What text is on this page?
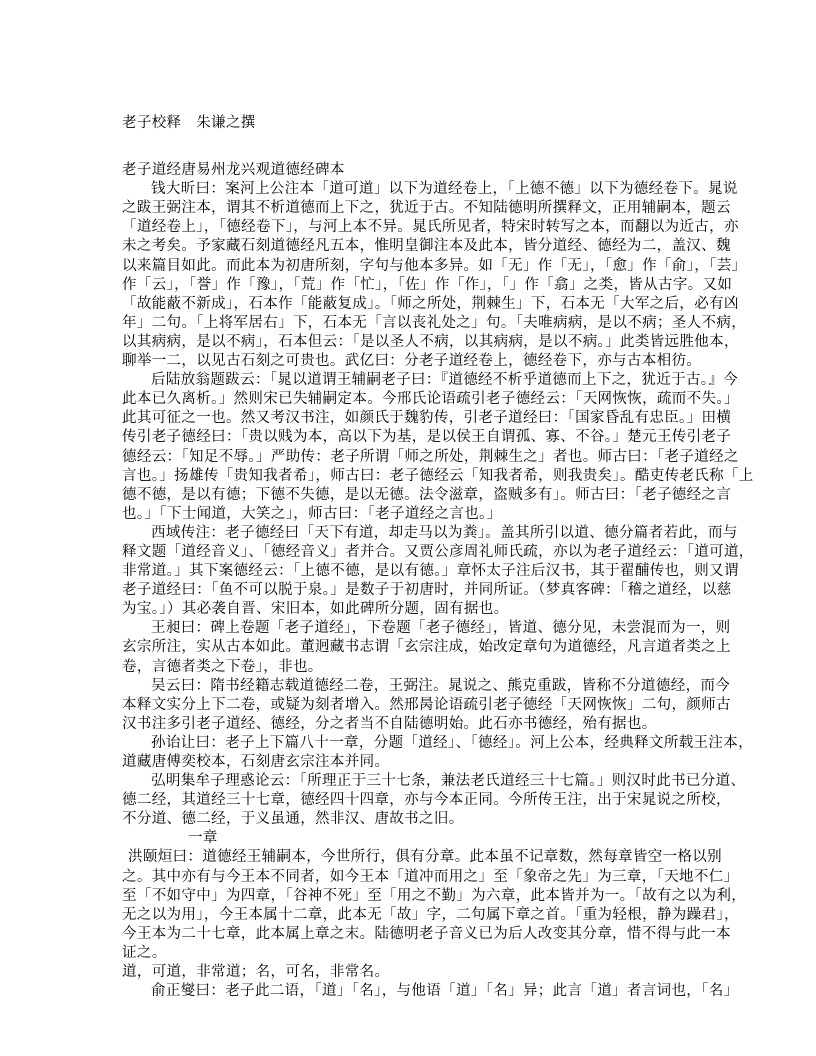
老子校释　朱谦之撰
老子道经唐易州龙兴观道德经碑本
钱大昕曰：案河上公注本「道可道」以下为道经卷上，「上德不德」以下为德经卷下。晁说
之跋王弼注本，谓其不析道德而上下之，犹近于古。不知陆德明所撰释文，正用辅嗣本，题云
「道经卷上」，「德经卷下」，与河上本不异。晁氏所见者，特宋时转写之本，而翻以为近古，亦
未之考矣。予家藏石刻道德经凡五本，惟明皇御注本及此本，皆分道经、德经为二，盖汉、魏
以来篇目如此。而此本为初唐所刻，字句与他本多异。如「无」作「无」，「愈」作「俞」，「芸」
作「云」，「誉」作「豫」，「荒」作「忙」，「佐」作「作」，「」作「翕」之类，皆从古字。又如
「故能蔽不新成」，石本作「能蔽复成」。「师之所处，荆棘生」下，石本无「大军之后，必有凶
年」二句。「上将军居右」下，石本无「言以丧礼处之」句。「夫唯病病，是以不病；圣人不病，
以其病病，是以不病」，石本但云：「是以圣人不病，以其病病，是以不病。」此类皆远胜他本，
聊举一二，以见古石刻之可贵也。武亿曰：分老子道经卷上，德经卷下，亦与古本相彷。
后陆放翁题跋云：「晁以道谓王辅嗣老子曰：『道德经不析乎道德而上下之，犹近于古。』今
此本已久离析。」然则宋已失辅嗣定本。今邢氏论语疏引老子德经云：「天网恢恢，疏而不失。」
此其可征之一也。然又考汉书注，如颜氏于魏豹传，引老子道经曰：「国家昏乱有忠臣。」田横
传引老子德经曰：「贵以贱为本，高以下为基，是以侯王自谓孤、寡、不谷。」楚元王传引老子
德经云：「知足不辱。」严助传：老子所谓「师之所处，荆棘生之」者也。师古曰：「老子道经之
言也。」扬雄传「贵知我者希」，师古曰：老子德经云「知我者希，则我贵矣」。酷吏传老氏称「上
德不德，是以有德；下德不失德，是以无德。法令滋章，盗贼多有」。师古曰：「老子德经之言
也。」「下士闻道，大笑之」，师古曰：「老子道经之言也。」
西域传注：老子德经曰「天下有道，却走马以为粪」。盖其所引以道、德分篇者若此，而与
释文题「道经音义」、「德经音义」者并合。又贾公彦周礼师氏疏，亦以为老子道经云：「道可道，
非常道。」其下案德经云：「上德不德，是以有德。」章怀太子注后汉书，其于翟酺传也，则又谓
老子道经曰：「鱼不可以脱于泉。」是数子于初唐时，并同所证。（梦真客碑：「稽之道经，以慈
为宝。」）其必袭自晋、宋旧本，如此碑所分题，固有据也。
王昶曰：碑上卷题「老子道经」，下卷题「老子德经」，皆道、德分见，未尝混而为一，则
玄宗所注，实从古本如此。董迥藏书志谓「玄宗注成，始改定章句为道德经，凡言道者类之上
卷，言德者类之下卷」，非也。
吴云曰：隋书经籍志载道德经二卷，王弼注。晁说之、熊克重跋，皆称不分道德经，而今
本释文实分上下二卷，或疑为刻者增入。然邢昺论语疏引老子德经「天网恢恢」二句，颜师古
汉书注多引老子道经、德经，分之者当不自陆德明始。此石亦书德经，殆有据也。
孙诒让曰：老子上下篇八十一章，分题「道经」、「德经」。河上公本，经典释文所载王注本，
道藏唐傅奕校本，石刻唐玄宗注本并同。
弘明集牟子理惑论云：「所理正于三十七条，兼法老氏道经三十七篇。」则汉时此书已分道、
德二经，其道经三十七章，德经四十四章，亦与今本正同。今所传王注，出于宋晁说之所校，
不分道、德二经，于义虽通，然非汉、唐故书之旧。
一章
洪颐烜曰：道德经王辅嗣本，今世所行，俱有分章。此本虽不记章数，然每章皆空一格以别
之。其中亦有与今王本不同者，如今王本「道冲而用之」至「象帝之先」为三章，「天地不仁」
至「不如守中」为四章，「谷神不死」至「用之不勤」为六章，此本皆并为一。「故有之以为利，
无之以为用」，今王本属十二章，此本无「故」字，二句属下章之首。「重为轻根，静为躁君」，
今王本为二十七章，此本属上章之末。陆德明老子音义已为后人改变其分章，惜不得与此一本
证之。
道，可道，非常道；名，可名，非常名。
俞正燮曰：老子此二语，「道」「名」，与他语「道」「名」异；此言「道」者言词也，「名」
